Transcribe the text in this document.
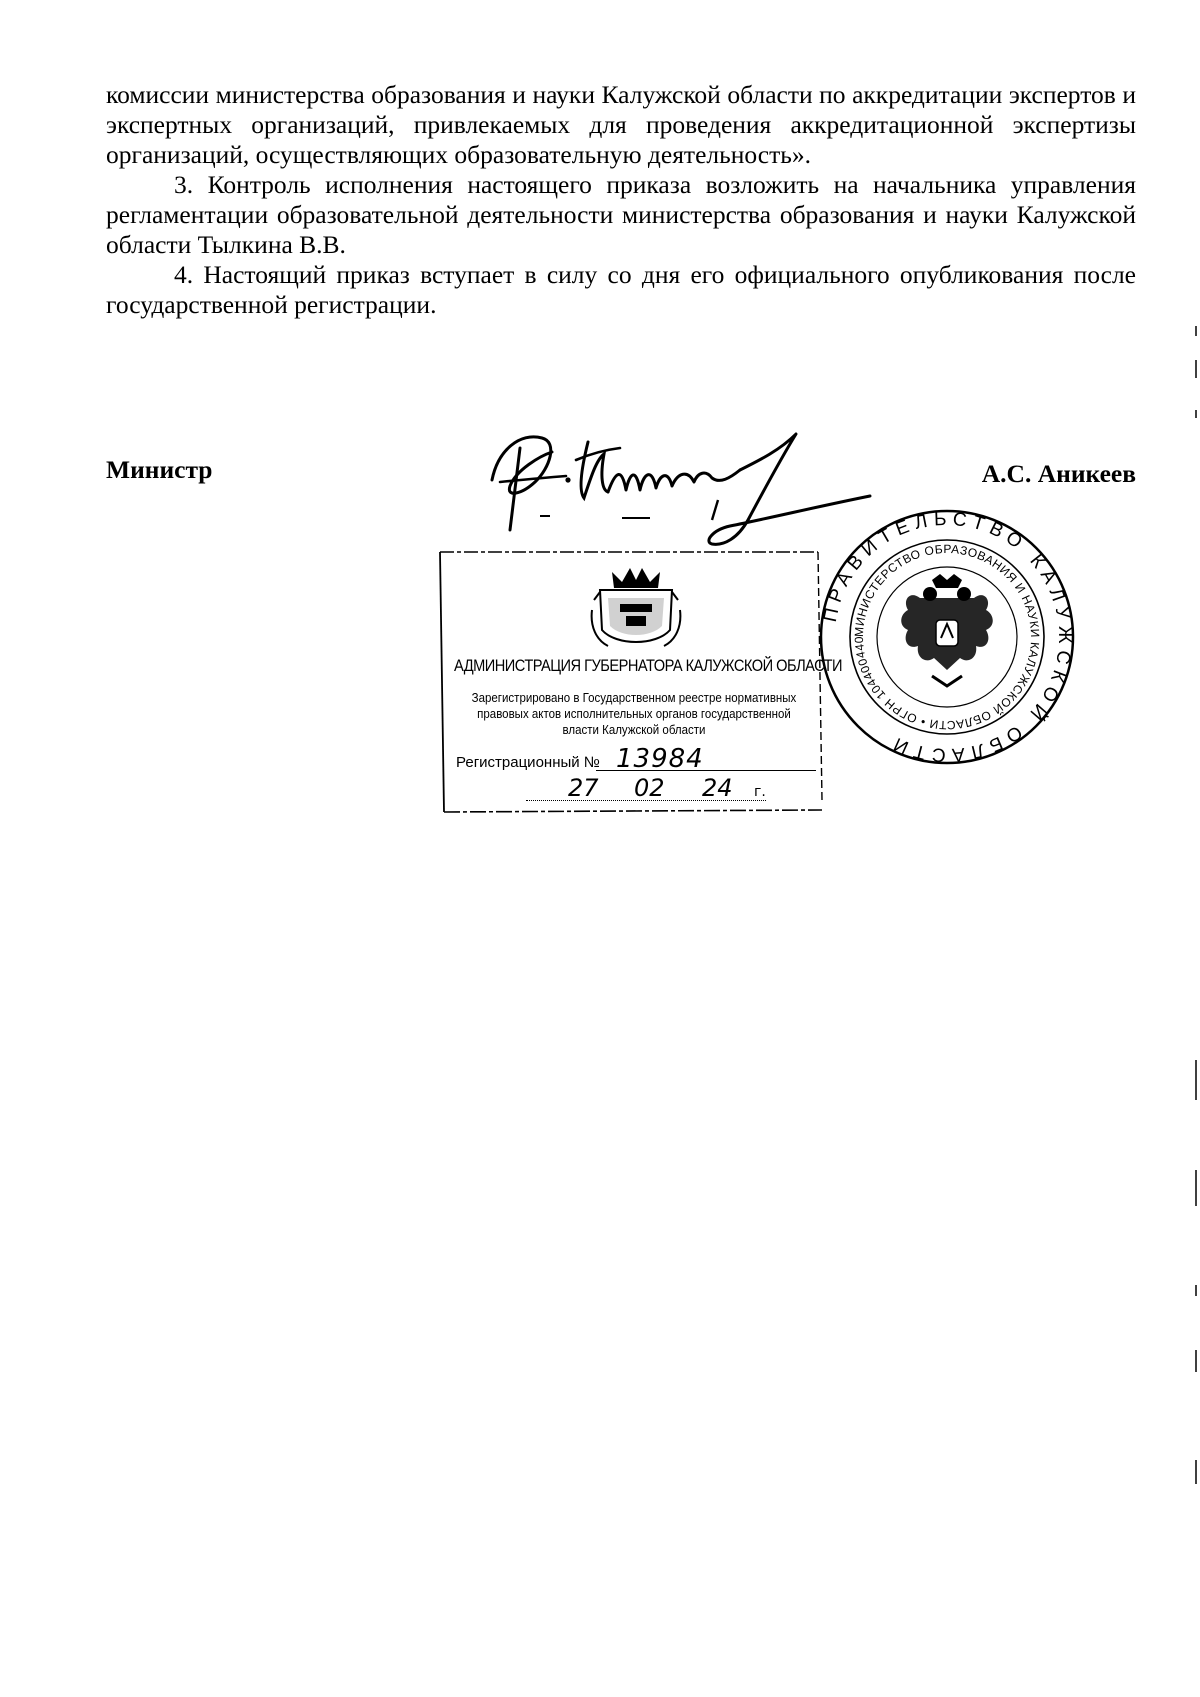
комиссии министерства образования и науки Калужской области по аккредитации экспертов и экспертных организаций, привлекаемых для проведения аккредитационной экспертизы организаций, осуществляющих образовательную деятельность».

3. Контроль исполнения настоящего приказа возложить на начальника управления регламентации образовательной деятельности министерства образования и науки Калужской области Тылкина В.В.

4. Настоящий приказ вступает в силу со дня его официального опубликования после государственной регистрации.

Министр	А.С. Аникеев
АДМИНИСТРАЦИЯ ГУБЕРНАТОРА КАЛУЖСКОЙ ОБЛАСТИ
Зарегистрировано в Государственном реестре нормативных правовых актов исполнительных органов государственной власти Калужской области
Регистрационный № 13984
27 02 24 г.
ПРАВИТЕЛЬСТВО КАЛУЖСКОЙ ОБЛАСТИ
МИНИСТЕРСТВО ОБРАЗОВАНИЯ И НАУКИ КАЛУЖСКОЙ ОБЛАСТИ • ОГРН 104400440
